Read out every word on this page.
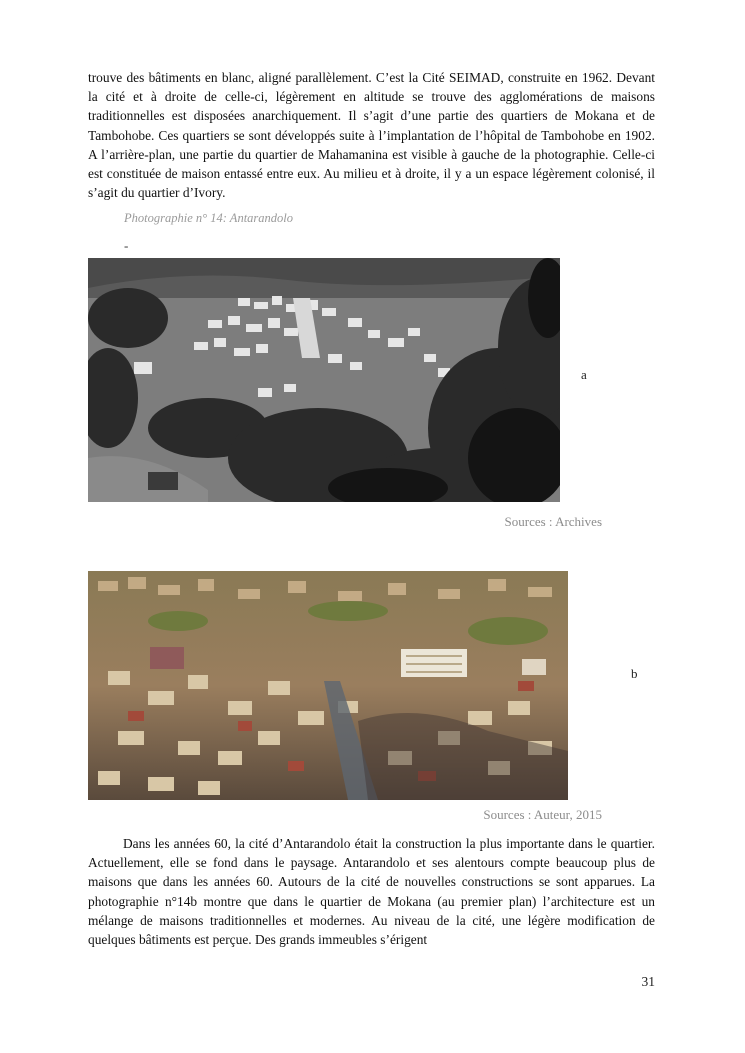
trouve des bâtiments en blanc, aligné parallèlement. C’est la Cité SEIMAD, construite en 1962. Devant la cité et à droite de celle-ci, légèrement en altitude se trouve des agglomérations de maisons traditionnelles est disposées anarchiquement. Il s’agit d’une partie des quartiers de Mokana et de Tambohobe. Ces quartiers se sont développés suite à l’implantation de l’hôpital de Tambohobe en 1902. A l’arrière-plan, une partie du quartier de Mahamanina est visible à gauche de la photographie. Celle-ci est constituée de maison entassé entre eux. Au milieu et à droite, il y a un espace légèrement colonisé, il s’agit du quartier d’Ivory.

Photographie n° 14: Antarandolo
-
a
Sources : Archives
b
Sources : Auteur, 2015

Dans les années 60, la cité d’Antarandolo était la construction la plus importante dans le quartier. Actuellement, elle se fond dans le paysage. Antarandolo et ses alentours compte beaucoup plus de maisons que dans les années 60. Autours de la cité de nouvelles constructions se sont apparues. La photographie n°14b montre que dans le quartier de Mokana (au premier plan) l’architecture est un mélange de maisons traditionnelles et modernes. Au niveau de la cité, une légère modification de quelques bâtiments est perçue. Des grands immeubles s’érigent

31
